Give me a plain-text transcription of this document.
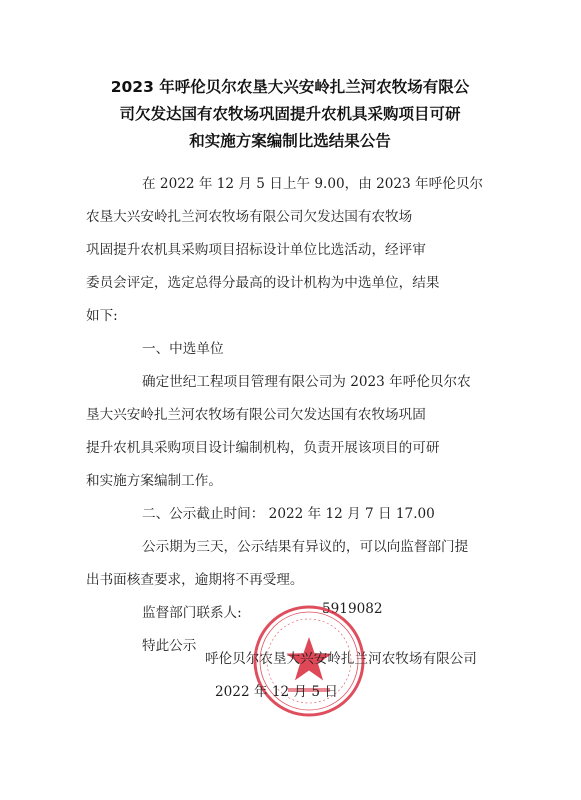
2023 年呼伦贝尔农垦大兴安岭扎兰河农牧场有限公
司欠发达国有农牧场巩固提升农机具采购项目可研
和实施方案编制比选结果公告
在 2022 年 12 月 5 日上午 9.00，由 2023 年呼伦贝尔
农垦大兴安岭扎兰河农牧场有限公司欠发达国有农牧场
巩固提升农机具采购项目招标设计单位比选活动，经评审
委员会评定，选定总得分最高的设计机构为中选单位，结果
如下:
一、中选单位
确定世纪工程项目管理有限公司为 2023 年呼伦贝尔农
垦大兴安岭扎兰河农牧场有限公司欠发达国有农牧场巩固
提升农机具采购项目设计编制机构，负责开展该项目的可研
和实施方案编制工作。
二、公示截止时间： 2022 年 12 月 7 日 17.00
公示期为三天，公示结果有异议的，可以向监督部门提
出书面核查要求，逾期将不再受理。
监督部门联系人:	5919082
特此公示
呼伦贝尔农垦大兴安岭扎兰河农牧场有限公司
2022 年 12 月 5 日
